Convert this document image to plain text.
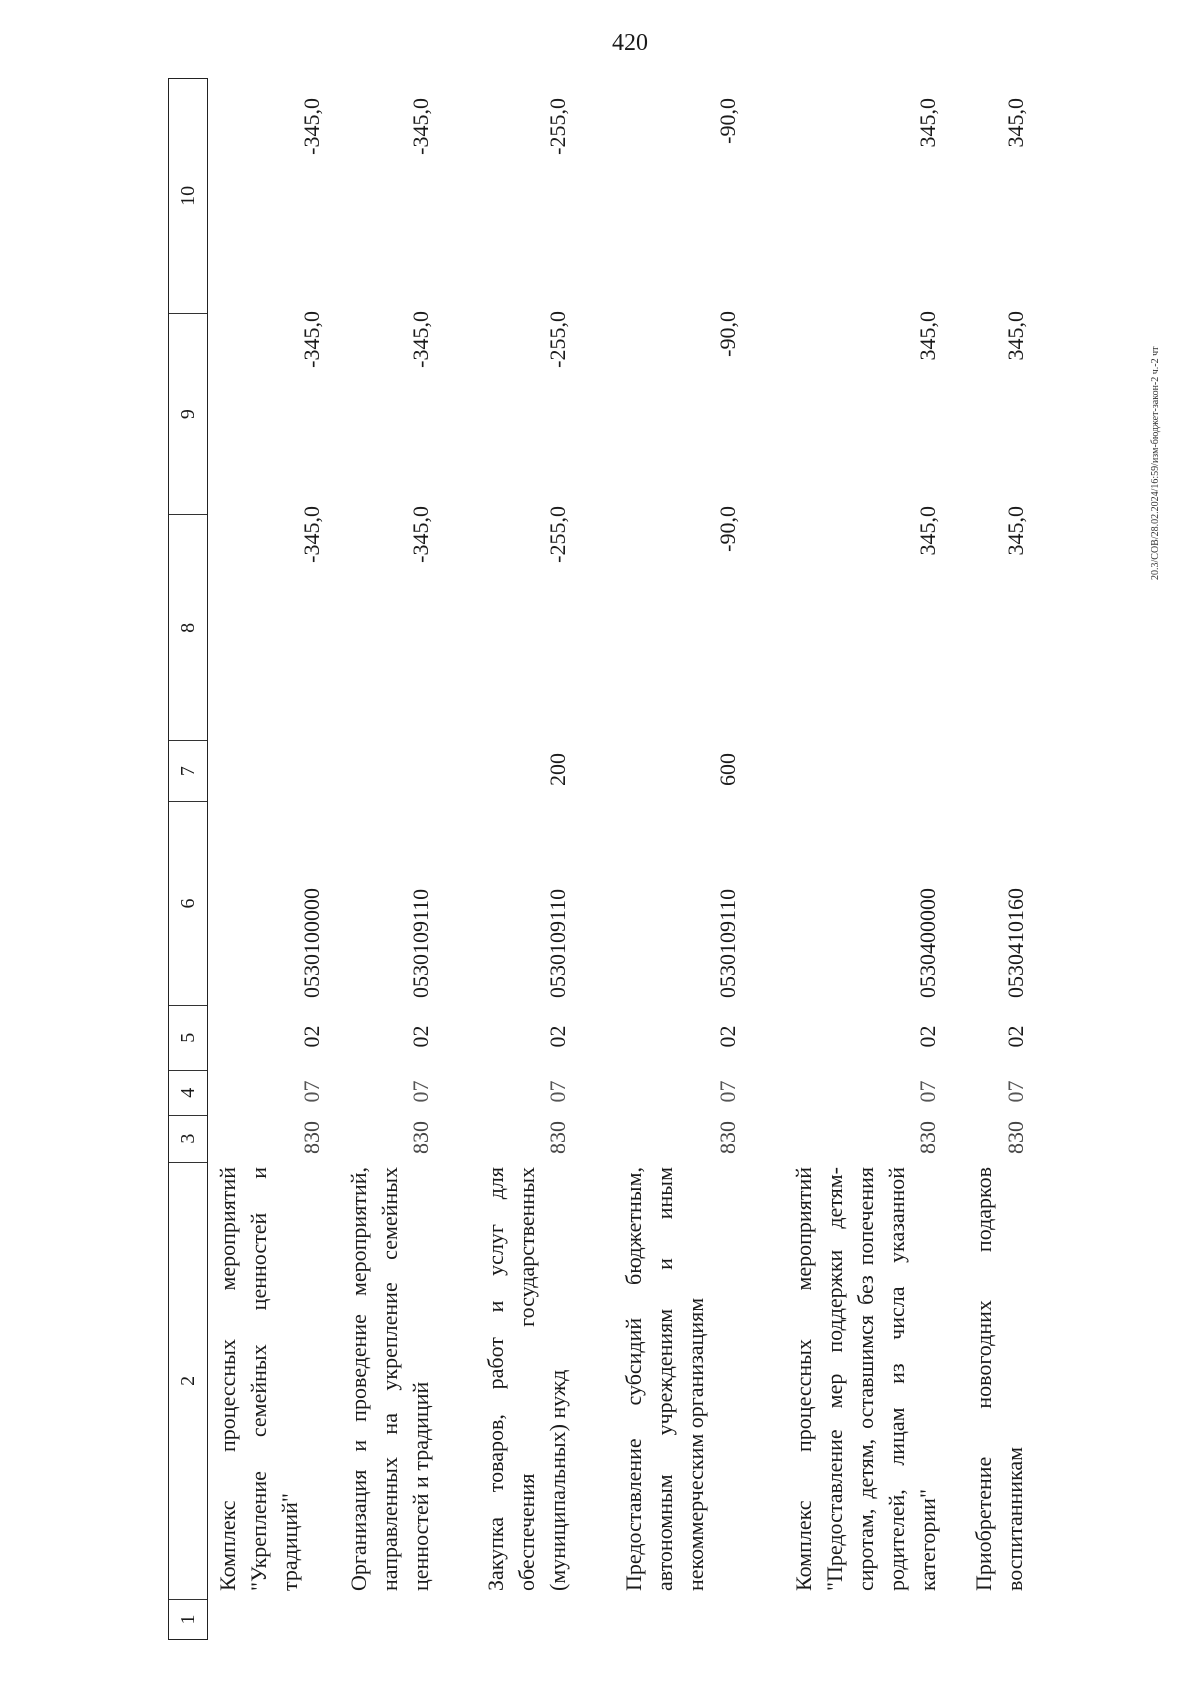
420
20.3/СОВ/28.02.2024/16:59/изм-бюджет-закон-2 ч.-2 чт
1
2
3
4
5
6
7
8
9
10
Комплекс процессных мероприятий "Укрепление семейных ценностей и традиций"
830
07
02
0530100000
-345,0
-345,0
-345,0
Организация и проведение мероприятий, направленных на укрепление семейных ценностей и традиций
830
07
02
0530109110
-345,0
-345,0
-345,0
Закупка товаров, работ и услуг для обеспечения государственных (муниципальных) нужд
830
07
02
0530109110
200
-255,0
-255,0
-255,0
Предоставление субсидий бюджетным, автономным учреждениям и иным некоммерческим организациям
830
07
02
0530109110
600
-90,0
-90,0
-90,0
Комплекс процессных мероприятий "Предоставление мер поддержки детям-сиротам, детям, оставшимся без попечения родителей, лицам из числа указанной категории"
830
07
02
0530400000
345,0
345,0
345,0
Приобретение новогодних подарков воспитанникам
830
07
02
0530410160
345,0
345,0
345,0
